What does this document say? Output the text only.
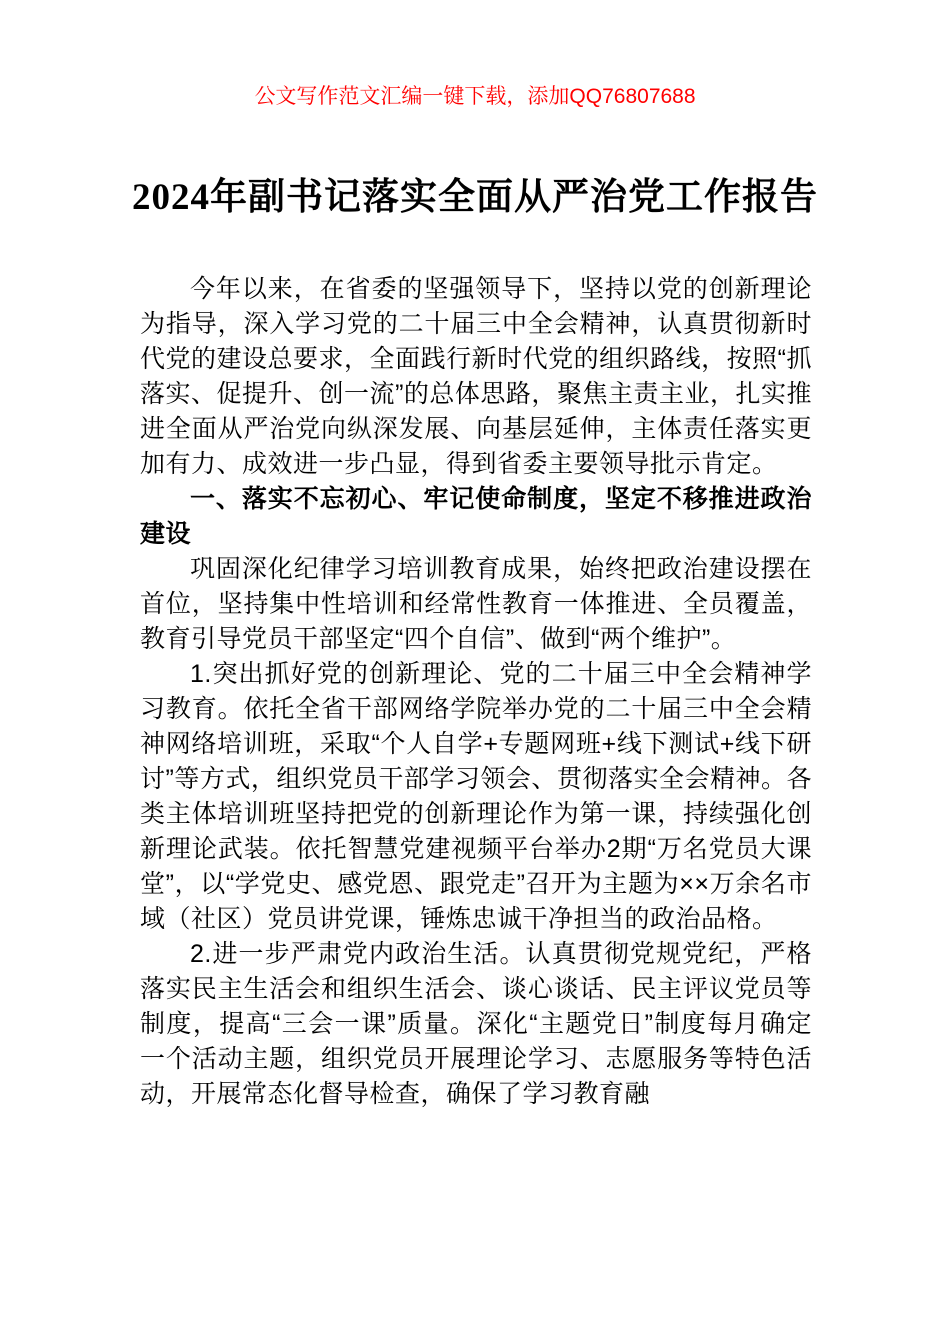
公文写作范文汇编一键下载，添加QQ76807688
2024年副书记落实全面从严治党工作报告

今年以来，在省委的坚强领导下，坚持以党的创新理论为指导，深入学习党的二十届三中全会精神，认真贯彻新时代党的建设总要求，全面践行新时代党的组织路线，按照“抓落实、促提升、创一流”的总体思路，聚焦主责主业，扎实推进全面从严治党向纵深发展、向基层延伸，主体责任落实更加有力、成效进一步凸显，得到省委主要领导批示肯定。

一、落实不忘初心、牢记使命制度，坚定不移推进政治建设

巩固深化纪律学习培训教育成果，始终把政治建设摆在首位，坚持集中性培训和经常性教育一体推进、全员覆盖，教育引导党员干部坚定“四个自信”、做到“两个维护”。

1.突出抓好党的创新理论、党的二十届三中全会精神学习教育。依托全省干部网络学院举办党的二十届三中全会精神网络培训班，采取“个人自学+专题网班+线下测试+线下研讨”等方式，组织党员干部学习领会、贯彻落实全会精神。各类主体培训班坚持把党的创新理论作为第一课，持续强化创新理论武装。依托智慧党建视频平台举办2期“万名党员大课堂”，以“学党史、感党恩、跟党走”召开为主题为××万余名市域（社区）党员讲党课，锤炼忠诚干净担当的政治品格。

2.进一步严肃党内政治生活。认真贯彻党规党纪，严格落实民主生活会和组织生活会、谈心谈话、民主评议党员等制度，提高“三会一课”质量。深化“主题党日”制度每月确定一个活动主题，组织党员开展理论学习、志愿服务等特色活动，开展常态化督导检查，确保了学习教育融
